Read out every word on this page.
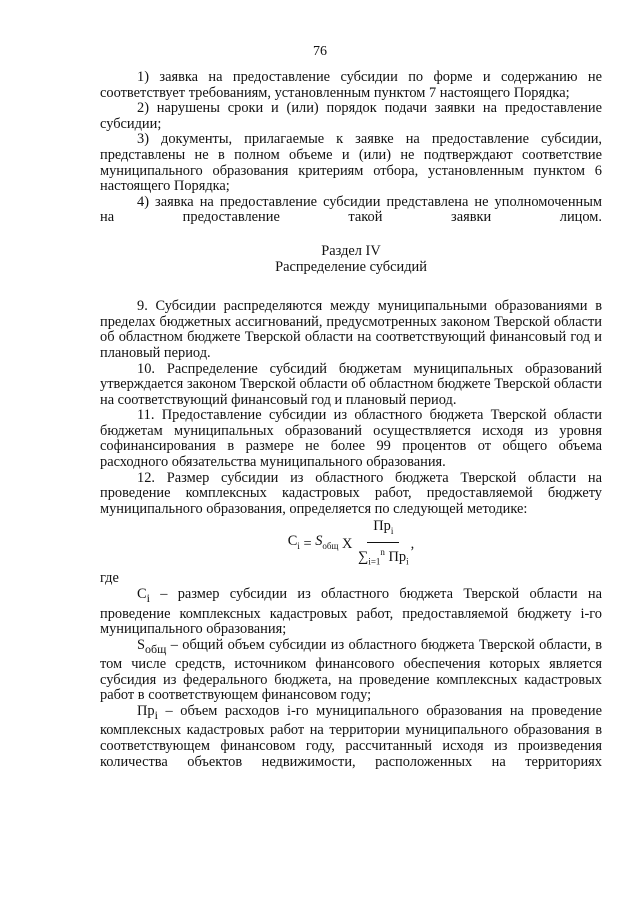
76

1) заявка на предоставление субсидии по форме и содержанию не соответствует требованиям, установленным пунктом 7 настоящего Порядка;

2) нарушены сроки и (или) порядок подачи заявки на предоставление субсидии;

3) документы, прилагаемые к заявке на предоставление субсидии, представлены не в полном объеме и (или) не подтверждают соответствие муниципального образования критериям отбора, установленным пунктом 6 настоящего Порядка;

4) заявка на предоставление субсидии представлена не уполномоченным на предоставление такой заявки лицом.

Раздел IV

Распределение субсидий

9. Субсидии распределяются между муниципальными образованиями в пределах бюджетных ассигнований, предусмотренных законом Тверской области об областном бюджете Тверской области на соответствующий финансовый год и плановый период.

10. Распределение субсидий бюджетам муниципальных образований утверждается законом Тверской области об областном бюджете Тверской области на соответствующий финансовый год и плановый период.

11. Предоставление субсидии из областного бюджета Тверской области бюджетам муниципальных образований осуществляется исходя из уровня софинансирования в размере не более 99 процентов от общего объема расходного обязательства муниципального образования.

12. Размер субсидии из областного бюджета Тверской области на проведение комплексных кадастровых работ, предоставляемой бюджету муниципального образования, определяется по следующей методике:

$С_i$
=
$S_{общ}$
X
$\frac{Пр_i}{\sum_{i=1}^n Пр_i}$ ,

где

$С_i$ – размер субсидии из областного бюджета Тверской области на проведение комплексных кадастровых работ, предоставляемой бюджету i-го муниципального образования;

$S_{общ}$ – общий объем субсидии из областного бюджета Тверской области, в том числе средств, источником финансового обеспечения которых является субсидия из федерального бюджета, на проведение комплексных кадастровых работ в соответствующем финансовом году;

$Пр_i$ – объем расходов i-го муниципального образования на проведение комплексных кадастровых работ на территории муниципального образования в соответствующем финансовом году, рассчитанный исходя из произведения количества объектов недвижимости, расположенных на территориях
